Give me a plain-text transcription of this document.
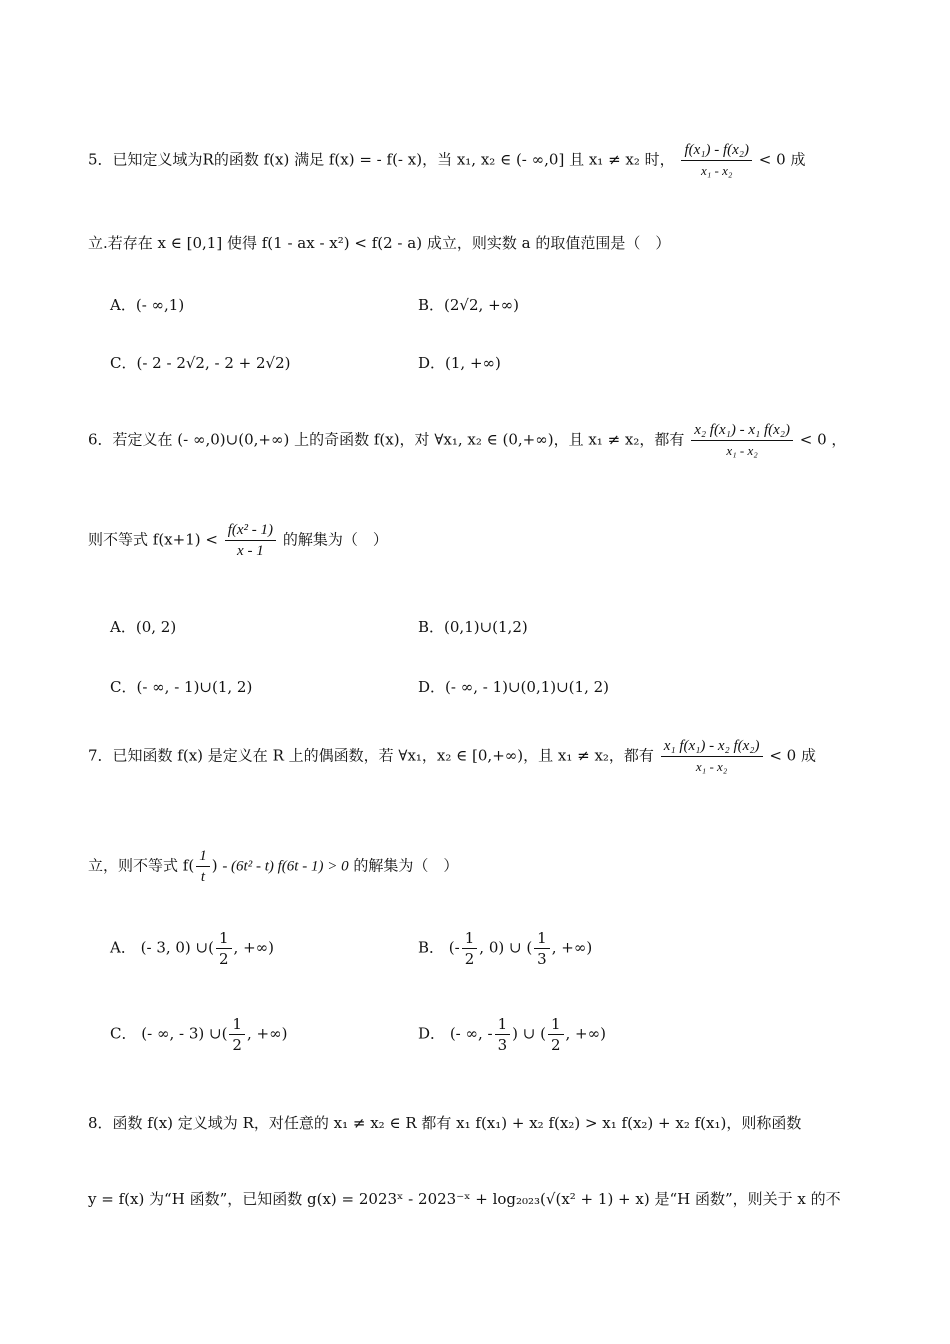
5．已知定义域为R的函数 f(x) 满足 f(x) = - f(- x)，当 x₁, x₂ ∈ (- ∞,0] 且 x₁ ≠ x₂ 时， $\frac{\text{f(x₁) - f(x₂)}}{\text{x₁ - x₂}} < 0$ 成
立.若存在 x ∈ [0,1] 使得 f(1 - ax - x²) < f(2 - a) 成立，则实数 a 的取值范围是（　）
A．(- ∞,1)	B．(2√2, +∞)
C．(- 2 - 2√2, - 2 + 2√2)	D．(1, +∞)
6．若定义在 (- ∞,0)∪(0,+∞) 上的奇函数 f(x)，对 ∀x₁, x₂ ∈ (0,+∞)，且 x₁ ≠ x₂，都有 $\frac{\text{x₂ f(x₁) - x₁ f(x₂)}}{\text{x₁ - x₂}} < 0$ ，
则不等式 $f(x+1) < \frac{\text{f(x² - 1)}}{x - 1}$ 的解集为（　）
A．(0, 2)	B．(0,1)∪(1,2)
C．(- ∞, - 1)∪(1, 2)	D．(- ∞, - 1)∪(0,1)∪(1, 2)
7．已知函数 f(x) 是定义在 R 上的偶函数，若 ∀x₁，x₂ ∈ [0,+∞)，且 x₁ ≠ x₂，都有 $\frac{\text{x₁ f(x₁) - x₂ f(x₂)}}{\text{x₁ - x₂}} < 0$ 成
立，则不等式 $f( \frac{1}{t}$ ) - (6t² - t) f(6t - 1) > 0 的解集为（　）
A． (- 3, 0) ∪( $\frac{1}{2}$ , +∞)	B． (- $\frac{1}{2}$ , 0) ∪ ( $\frac{1}{3}$ , +∞)
C． (- ∞, - 3) ∪( $\frac{1}{2}$ , +∞)	D． (- ∞, - $\frac{1}{3}$ ) ∪ ( $\frac{1}{2}$ , +∞)
8．函数 f(x) 定义域为 R，对任意的 x₁ ≠ x₂ ∈ R 都有 x₁ f(x₁) + x₂ f(x₂) > x₁ f(x₂) + x₂ f(x₁)，则称函数
y = f(x) 为“H 函数”，已知函数 g(x) = 2023ˣ - 2023⁻ˣ + log₂₀₂₃(√(x² + 1) + x) 是“H 函数”，则关于 x 的不
